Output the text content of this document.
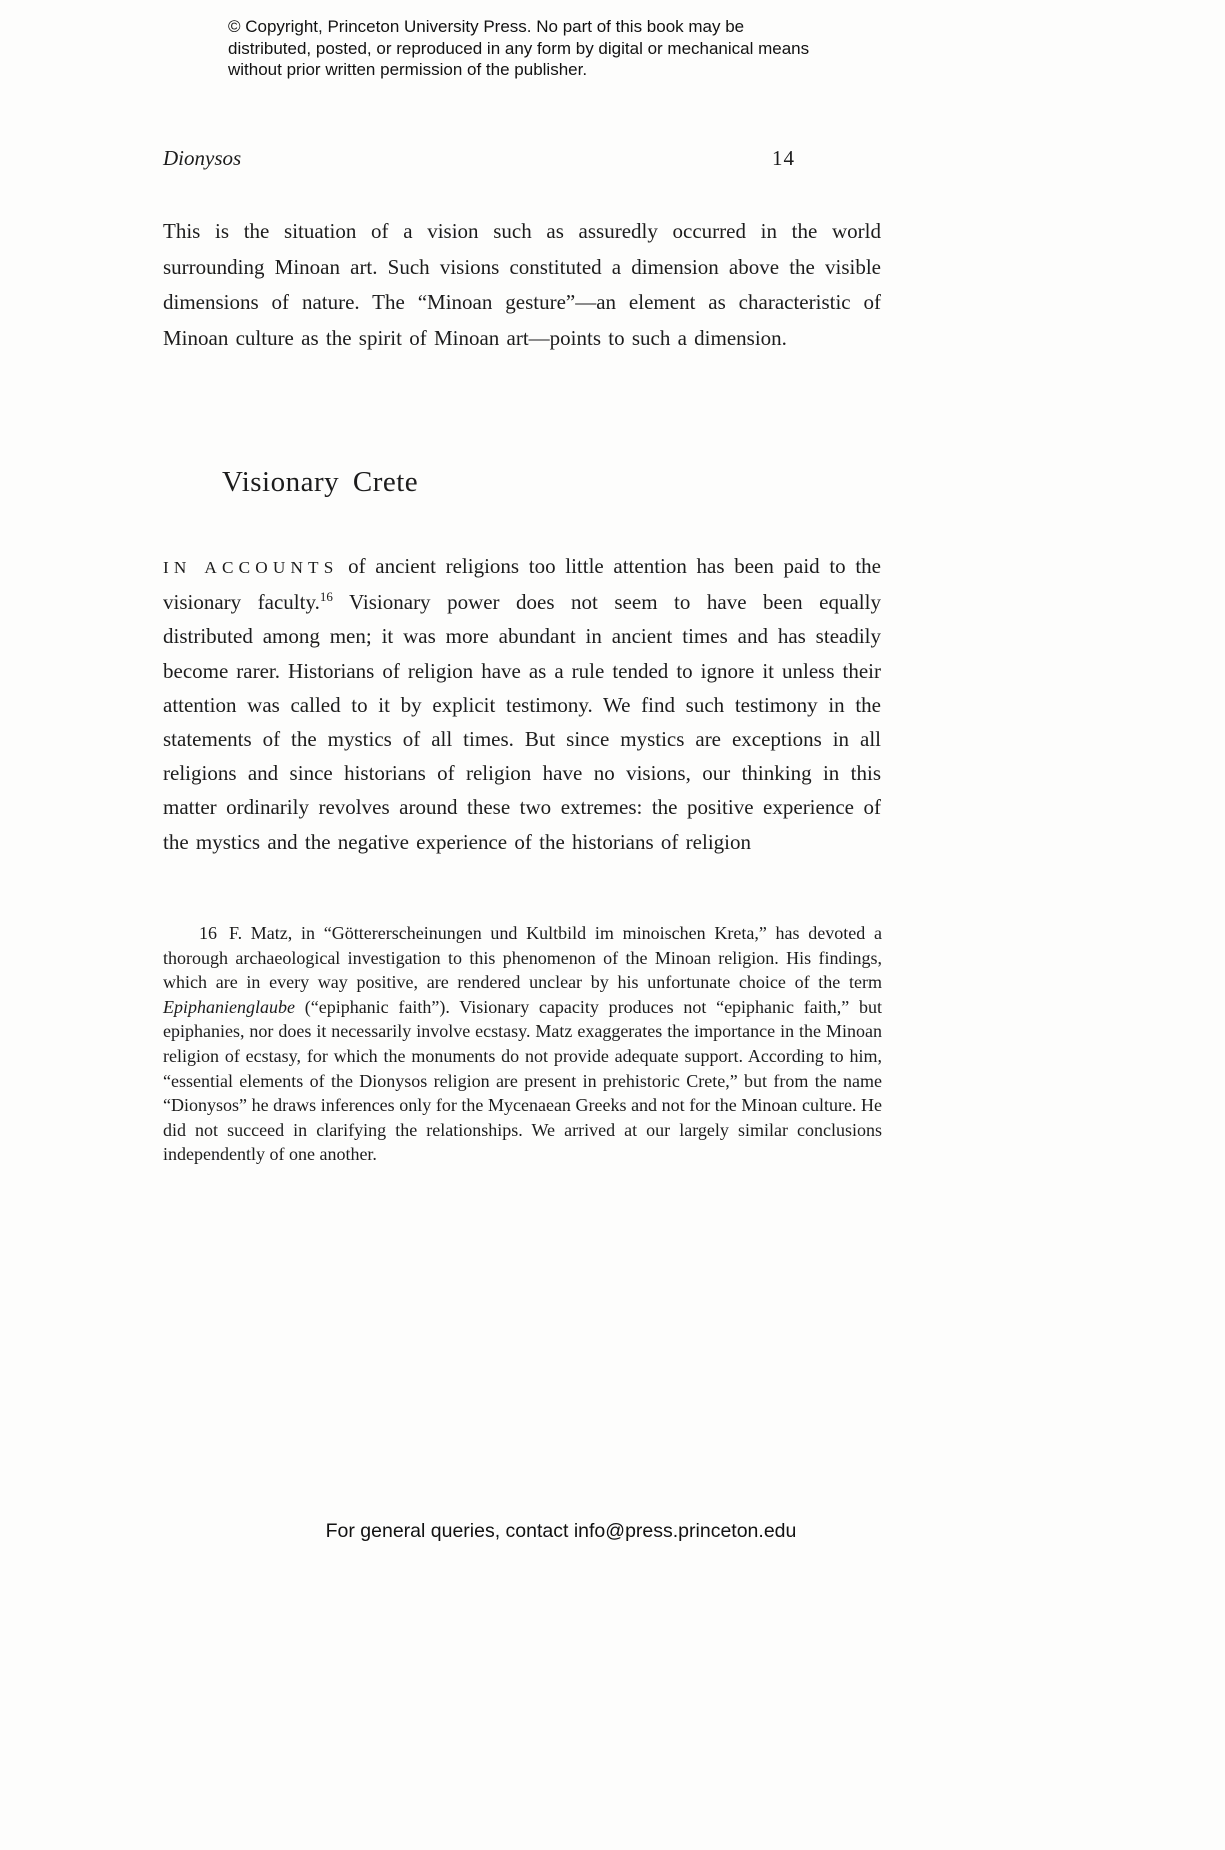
© Copyright, Princeton University Press. No part of this book may be distributed, posted, or reproduced in any form by digital or mechanical means without prior written permission of the publisher.
Dionysos	14

This is the situation of a vision such as assuredly occurred in the world surrounding Minoan art. Such visions constituted a dimension above the visible dimensions of nature. The “Minoan gesture”—an element as characteristic of Minoan culture as the spirit of Minoan art—points to such a dimension.

Visionary Crete

IN ACCOUNTS of ancient religions too little attention has been paid to the visionary faculty.$^{16}$ Visionary power does not seem to have been equally distributed among men; it was more abundant in ancient times and has steadily become rarer. Historians of religion have as a rule tended to ignore it unless their attention was called to it by explicit testimony. We find such testimony in the statements of the mystics of all times. But since mystics are exceptions in all religions and since historians of religion have no visions, our thinking in this matter ordinarily revolves around these two extremes: the positive experience of the mystics and the negative experience of the historians of religion

16 F. Matz, in “Göttererscheinungen und Kultbild im minoischen Kreta,” has devoted a thorough archaeological investigation to this phenomenon of the Minoan religion. His findings, which are in every way positive, are rendered unclear by his unfortunate choice of the term Epiphanienglaube (“epiphanic faith”). Visionary capacity produces not “epiphanic faith,” but epiphanies, nor does it necessarily involve ecstasy. Matz exaggerates the importance in the Minoan religion of ecstasy, for which the monuments do not provide adequate support. According to him, “essential elements of the Dionysos religion are present in prehistoric Crete,” but from the name “Dionysos” he draws inferences only for the Mycenaean Greeks and not for the Minoan culture. He did not succeed in clarifying the relationships. We arrived at our largely similar conclusions independently of one another.

For general queries, contact info@press.princeton.edu
